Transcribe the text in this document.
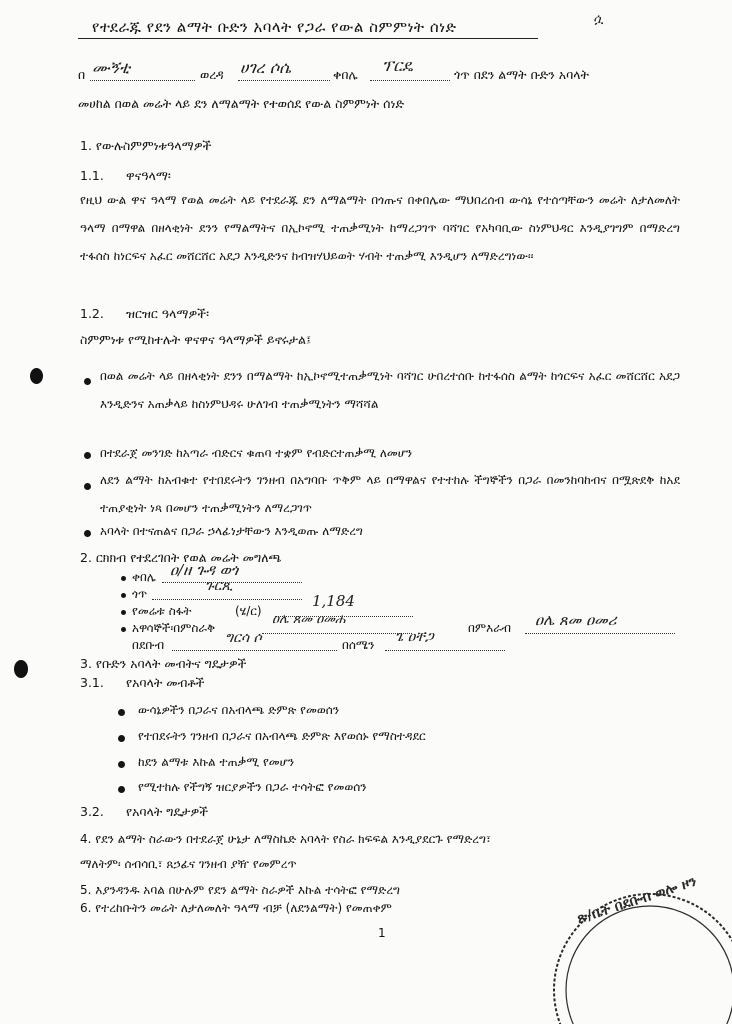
የተደራጁ የደን ልማት ቡድን አባላት የጋራ የውል ስምምነት ሰነድ	ሷ
በ ሙኝቲ	ወረዳ ሀገረ ሶሴ	ቀበሌ ፕርዴ	ጎጥ በደን ልማት ቡድን አባላት
መሀከል በወል መሬት ላይ ደን ለማልማት የተወሰደ የውል ስምምነት ሰነድ
1. የውሉስምምነቱዓላማዎች
1.1. ዋናዓላማ፡
የዚህ ውል ዋና ዓላማ የወል መሬት ላይ የተደራጁ ደን ለማልማት በጎጡና በቀበሌው ማህበረሰብ ውሳኔ የተሰጣቸውን መሬት ለታለመለት ዓላማ በማዋል በዘላቂነት ደንን የማልማትና በኢኮኖሚ ተጠቃሚነት ከማረጋገጥ ባሻገር የአካባቢው ስነምህዳር እንዲያገግም በማድረግ ተፋሰስ ከነርፍና አፈር መሸርሸር አደጋ እንዲድንና ከብዝሃህይወት ሃብት ተጠቃሚ እንዲሆን ለማድረግነው፡፡
1.2. ዝርዝር ዓላማዎች፡
ስምምነቱ የሚከተሉት ዋናዋና ዓላማዎች ይኖሩታል፤
በወል መሬት ላይ በዘላቂነት ደንን በማልማት ከኢኮኖሚተጠቃሚነት ባሻገር ሁበረተሰቡ ከተፋሰስ ልማት ከጎርፍና አፈር መሸርሸር አደጋ እንዲድንና አጠቃላይ ከስነምህዳሩ ሁለገብ ተጠቃሚነትን ማሻሻል
በተደራጀ መንገድ ከአጣራ ብድርና ቁጠባ ተቋም የብድርተጠቃሚ ለመሆን
ለደን ልማት ከአብቁተ የተበደሩትን ገንዘብ በአግባቡ ጥቅም ላይ በማዋልና የተተከሉ ችግኞችን በጋራ በመንከባከብና በሟጽደቅ ከአደ ተጠያቂነት ነጻ በመሆን ተጠቃሚነትን ለማረጋገጥ
አባላት በተናጠልና በጋራ ኃላፊነታቸውን እንዲወጡ ለማድረግ
2. ርክክብ የተደረገበት የወል መሬት መግለጫ
ቀበሌ ዐ/ዘ ጉዳ ወጎ
ጎጥ	ጉርጺ
የመሬቱ ስፋት	(ሄ/ር)
1,184
አዋሳኞች፡በምስራቅ
ዐሌ ጸመ ዐመሐ
በምእራብ ዐሌ ጸመ ዐመሪ
በደቡብ	ግርሳ ሶ	በሰሜን ጌ ዐቸጋ
3. የቡድን አባላት መብትና ግዴታዎች
3.1. የአባላት መብቶች
ውሳኔዎችን በጋራና በአብላጫ ድምጽ የመወሰን
የተበደሩትን ገንዘብ በጋራና በአብላጫ ድምጽ እየወሰኑ የማስተዳደር
ከደን ልማቱ እኩል ተጠቃሚ የመሆን
የሚተከሉ የችግኝ ዝርያዎችን በጋራ ተሳትፎ የመወሰን
3.2. የአባላት ግዴታዎች
4. የደን ልማት ስራውን በተደራጀ ሁኔታ ለማስኬድ አባላት የስራ ክፍፍል እንዲያደርጉ የማድረግ፣
ማለትም፡ ሰብሳቢ፣ ጸኃፊና ገንዘብ ያዥ የመምረጥ
5. እያንዳንዱ አባል በሁሉም የደን ልማት ስራዎች እኩል ተሳትፎ የማድረግ
6. የተረከቡትን መሬት ለታለመለት ዓላማ ብቻ (ለደንልማት) የመጠቀም
1
ጽ/ቤት በደቡብ ወሎ ዞን
